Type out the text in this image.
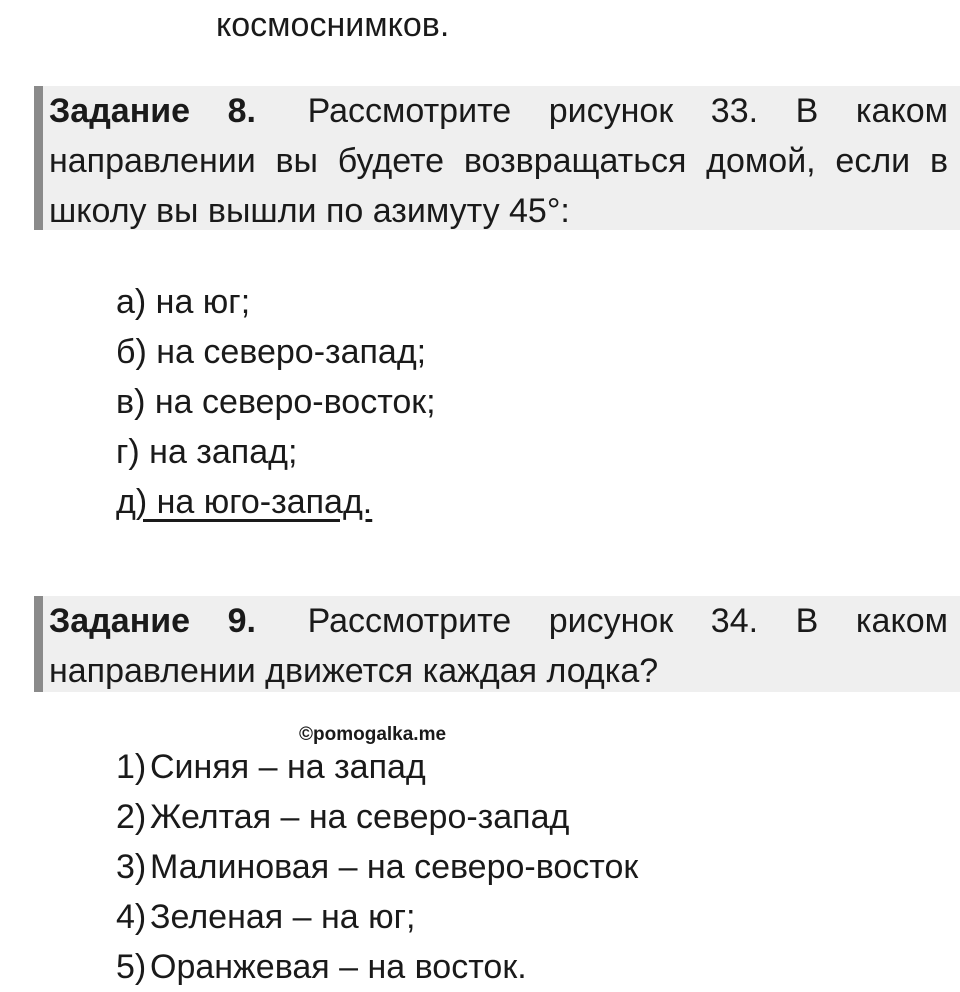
космоснимков.
Задание 8. Рассмотрите рисунок 33. В каком направлении вы будете возвращаться домой, если в школу вы вышли по азимуту 45°:
а) на юг;
б) на северо-запад;
в) на северо-восток;
г) на запад;
д) на юго-запад.
Задание 9. Рассмотрите рисунок 34. В каком направлении движется каждая лодка?
©pomogalka.me
1) Синяя – на запад
2) Желтая – на северо-запад
3) Малиновая – на северо-восток
4) Зеленая – на юг;
5) Оранжевая – на восток.
